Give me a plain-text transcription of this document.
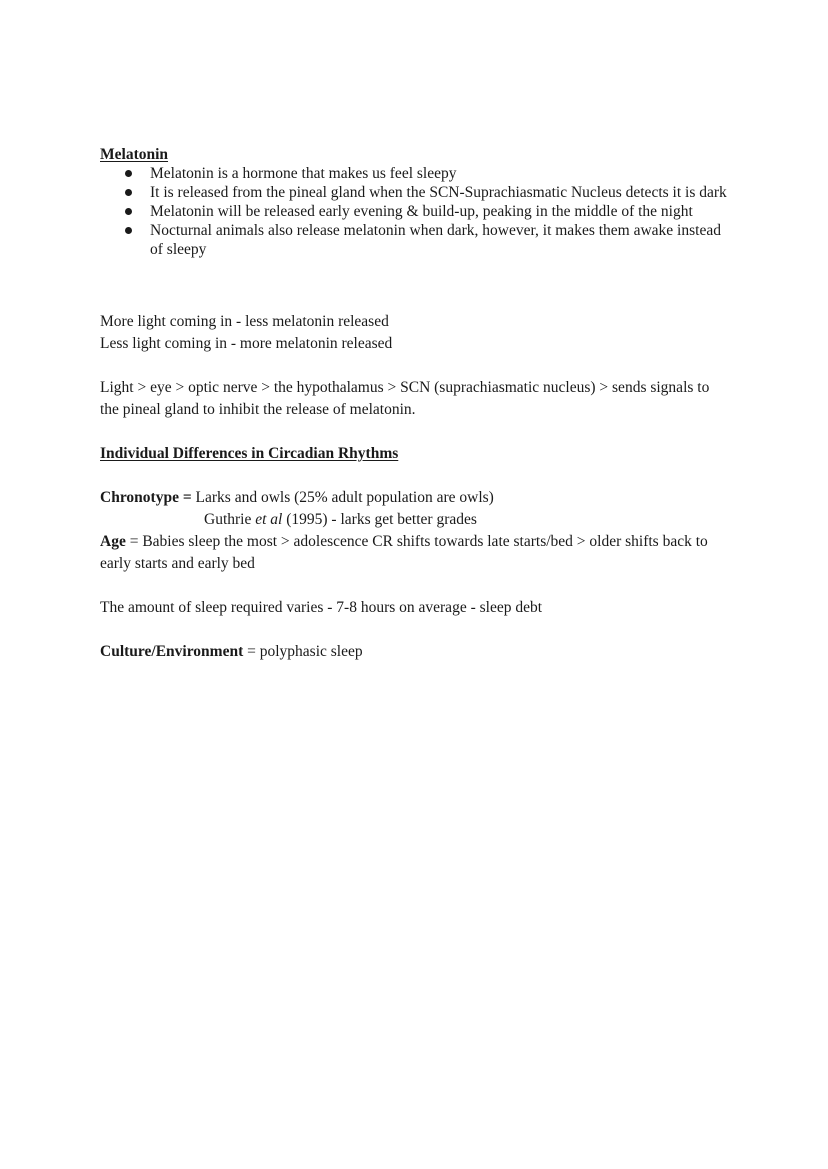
Melatonin
Melatonin is a hormone that makes us feel sleepy
It is released from the pineal gland when the SCN-Suprachiasmatic Nucleus detects it is dark
Melatonin will be released early evening & build-up, peaking in the middle of the night
Nocturnal animals also release melatonin when dark, however, it makes them awake instead of sleepy
More light coming in - less melatonin released
Less light coming in - more melatonin released
Light > eye > optic nerve > the hypothalamus > SCN (suprachiasmatic nucleus) > sends signals to the pineal gland to inhibit the release of melatonin.
Individual Differences in Circadian Rhythms
Chronotype = Larks and owls (25% adult population are owls)
Guthrie et al (1995) - larks get better grades
Age = Babies sleep the most > adolescence CR shifts towards late starts/bed > older shifts back to early starts and early bed
The amount of sleep required varies - 7-8 hours on average - sleep debt
Culture/Environment = polyphasic sleep
